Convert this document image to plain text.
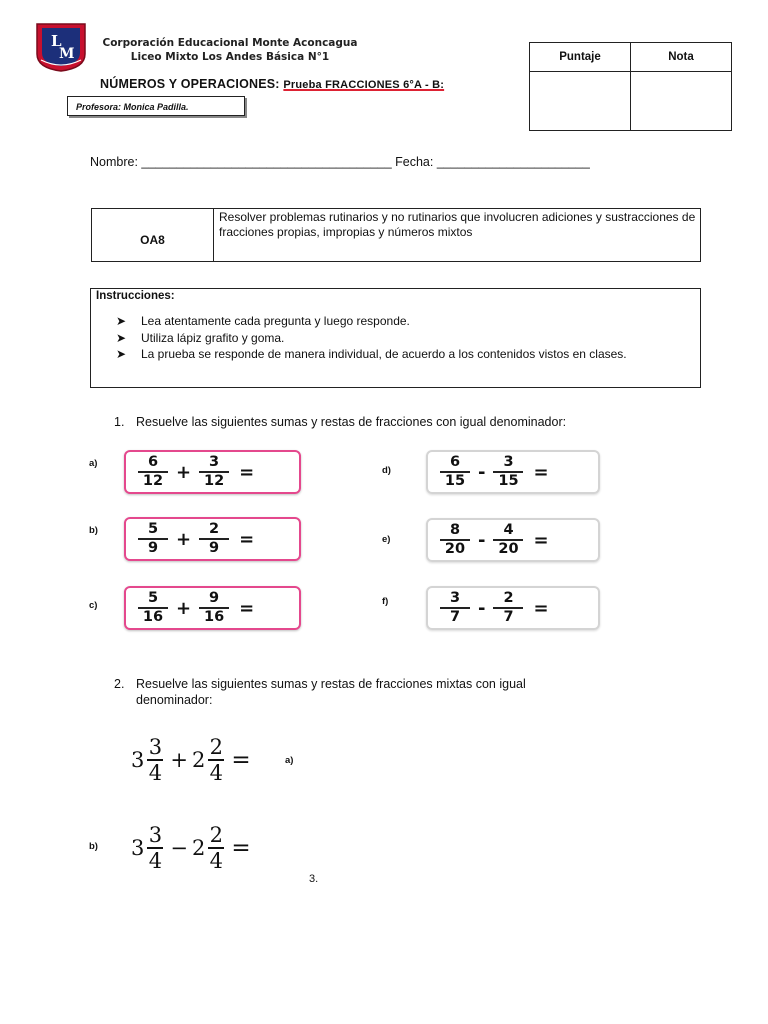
L
M
Corporación Educacional Monte Aconcagua
Liceo Mixto Los Andes Básica N°1
NÚMEROS Y OPERACIONES: Prueba FRACCIONES 6°A - B:
Profesora: Monica Padilla.
Puntaje	Nota

Nombre: ____________________________________ Fecha: ______________________
OA8
Resolver problemas rutinarios y no rutinarios que involucren adiciones y sustracciones de fracciones propias, impropias y números mixtos
Instrucciones:
➤ Lea atentamente cada pregunta y luego responde.
➤ Utiliza lápiz grafito y goma.
➤ La prueba se responde de manera individual, de acuerdo a los contenidos vistos en clases.
1. Resuelve las siguientes sumas y restas de fracciones con igual denominador:
a)	$\frac{6}{12} + \frac{3}{12}$ =
b)	$\frac{5}{9} + \frac{2}{9}$ =
c)	$\frac{5}{16} + \frac{9}{16}$ =
d)	$\frac{6}{15} - \frac{3}{15}$ =
e)	$\frac{8}{20} - \frac{4}{20}$ =
f)	$\frac{3}{7} - \frac{2}{7}$ =
2. Resuelve las siguientes sumas y restas de fracciones mixtas con igual
denominador:
3
3
4
+ 2
2
4 =	a)
b) 3
3
4
− 2
2
4 =
3.
